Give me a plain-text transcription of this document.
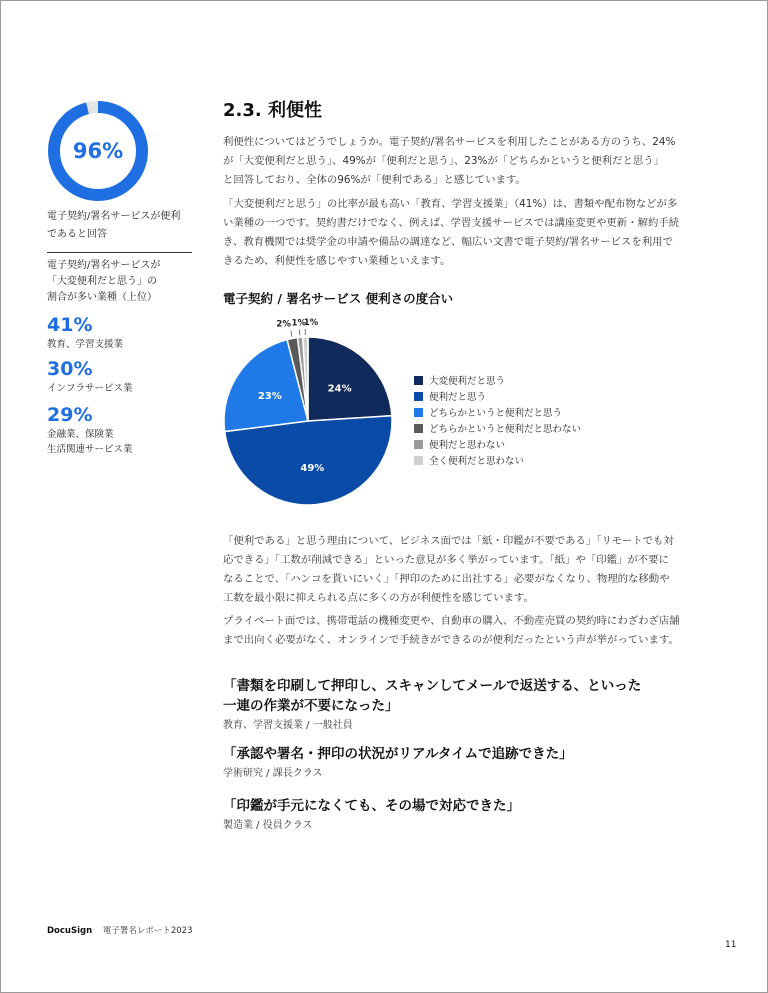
96%
電子契約/署名サービスが便利
であると回答
電子契約/署名サービスが
「大変便利だと思う」の
割合が多い業種（上位）
41%
教育、学習支援業
30%
インフラサービス業
29%
金融業、保険業
生活関連サービス業
2.3. 利便性

利便性についてはどうでしょうか。電子契約/署名サービスを利用したことがある方のうち、24%

が「大変便利だと思う」、49%が「便利だと思う」、23%が「どちらかというと便利だと思う」

と回答しており、全体の96%が「便利である」と感じています。

「大変便利だと思う」の比率が最も高い「教育、学習支援業」（41%）は、書類や配布物などが多

い業種の一つです。契約書だけでなく、例えば、学習支援サービスでは講座変更や更新・解約手続

き、教育機関では奨学金の申請や備品の調達など、幅広い文書で電子契約/署名サービスを利用で

きるため、利便性を感じやすい業種といえます。

電子契約 / 署名サービス 便利さの度合い
24%
49%
23%
2% 1%
1%
大変便利だと思う
便利だと思う
どちらかというと便利だと思う
どちらかというと便利だと思わない
便利だと思わない
全く便利だと思わない

「便利である」と思う理由について、ビジネス面では「紙・印鑑が不要である」「リモートでも対

応できる」「工数が削減できる」といった意見が多く挙がっています。「紙」や「印鑑」が不要に

なることで、「ハンコを貰いにいく」「押印のために出社する」必要がなくなり、物理的な移動や

工数を最小限に抑えられる点に多くの方が利便性を感じています。

プライベート面では、携帯電話の機種変更や、自動車の購入、不動産売買の契約時にわざわざ店舗

まで出向く必要がなく、オンラインで手続きができるのが便利だったという声が挙がっています。

「書類を印刷して押印し、スキャンしてメールで返送する、といった
一連の作業が不要になった」
教育、学習支援業 / 一般社員
「承認や署名・押印の状況がリアルタイムで追跡できた」
学術研究 / 課長クラス
「印鑑が手元になくても、その場で対応できた」
製造業 / 役員クラス
DocuSign 電子署名レポート2023
11
